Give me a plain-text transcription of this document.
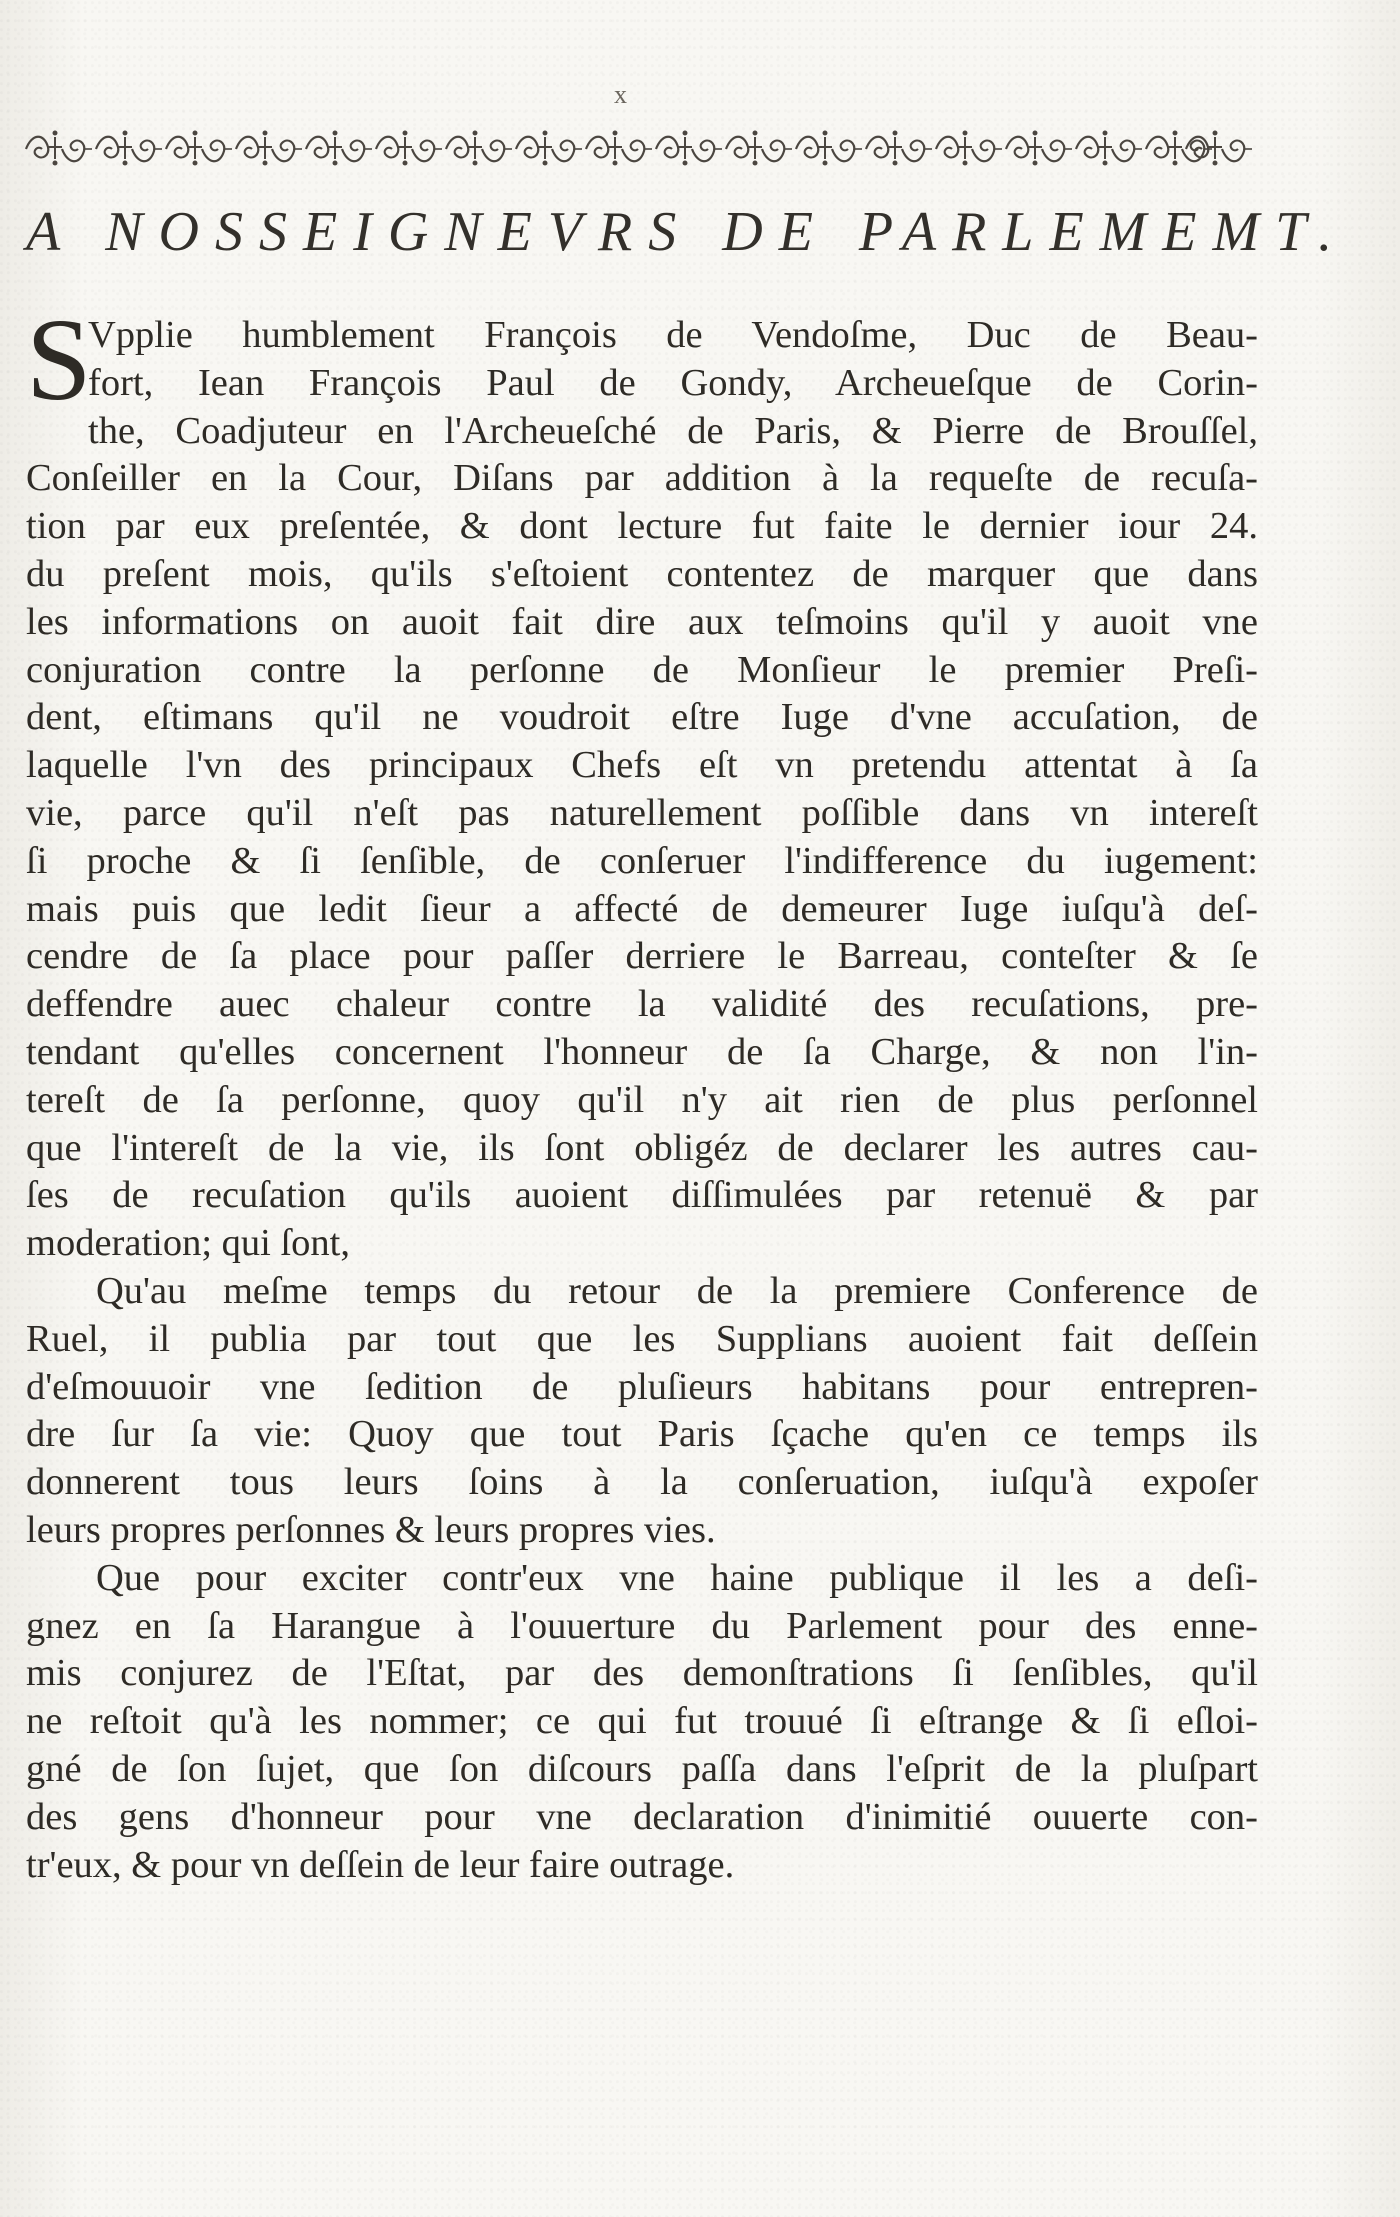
x
A NOSSEIGNEVRS DE PARLEMEMT.
S
Vpplie humblement François de Vendoſme, Duc de Beau-
fort, Iean François Paul de Gondy, Archeueſque de Corin-
the, Coadjuteur en l'Archeueſché de Paris, & Pierre de Brouſſel,
Conſeiller en la Cour, Diſans par addition à la requeſte de recuſa-
tion par eux preſentée, & dont lecture fut faite le dernier iour 24.
du preſent mois, qu'ils s'eſtoient contentez de marquer que dans
les informations on auoit fait dire aux teſmoins qu'il y auoit vne
conjuration contre la perſonne de Monſieur le premier Preſi-
dent, eſtimans qu'il ne voudroit eſtre Iuge d'vne accuſation, de
laquelle l'vn des principaux Chefs eſt vn pretendu attentat à ſa
vie, parce qu'il n'eſt pas naturellement poſſible dans vn intereſt
ſi proche & ſi ſenſible, de conſeruer l'indifference du iugement:
mais puis que ledit ſieur a affecté de demeurer Iuge iuſqu'à deſ-
cendre de ſa place pour paſſer derriere le Barreau, conteſter & ſe
deffendre auec chaleur contre la validité des recuſations, pre-
tendant qu'elles concernent l'honneur de ſa Charge, & non l'in-
tereſt de ſa perſonne, quoy qu'il n'y ait rien de plus perſonnel
que l'intereſt de la vie, ils ſont obligéz de declarer les autres cau-
ſes de recuſation qu'ils auoient diſſimulées par retenuë & par
moderation; qui ſont,
Qu'au meſme temps du retour de la premiere Conference de
Ruel, il publia par tout que les Supplians auoient fait deſſein
d'eſmouuoir vne ſedition de pluſieurs habitans pour entrepren-
dre ſur ſa vie: Quoy que tout Paris ſçache qu'en ce temps ils
donnerent tous leurs ſoins à la conſeruation, iuſqu'à expoſer
leurs propres perſonnes & leurs propres vies.
Que pour exciter contr'eux vne haine publique il les a deſi-
gnez en ſa Harangue à l'ouuerture du Parlement pour des enne-
mis conjurez de l'Eſtat, par des demonſtrations ſi ſenſibles, qu'il
ne reſtoit qu'à les nommer; ce qui fut trouué ſi eſtrange & ſi eſloi-
gné de ſon ſujet, que ſon diſcours paſſa dans l'eſprit de la pluſpart
des gens d'honneur pour vne declaration d'inimitié ouuerte con-
tr'eux, & pour vn deſſein de leur faire outrage.
